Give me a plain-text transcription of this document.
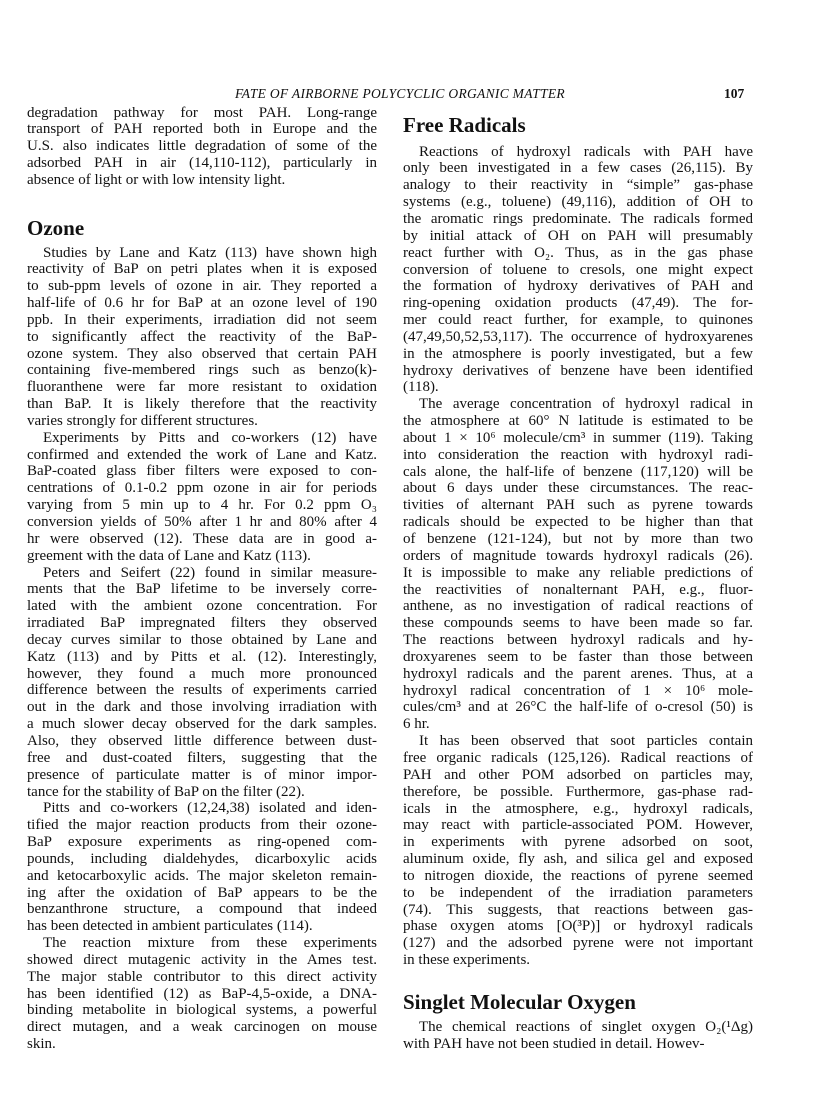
FATE OF AIRBORNE POLYCYCLIC ORGANIC MATTER	107
degradation pathway for most PAH. Long-range
transport of PAH reported both in Europe and the
U.S. also indicates little degradation of some of the
adsorbed PAH in air (14,110-112), particularly in
absence of light or with low intensity light.
Ozone
Studies by Lane and Katz (113) have shown high
reactivity of BaP on petri plates when it is exposed
to sub-ppm levels of ozone in air. They reported a
half-life of 0.6 hr for BaP at an ozone level of 190
ppb. In their experiments, irradiation did not seem
to significantly affect the reactivity of the BaP-
ozone system. They also observed that certain PAH
containing five-membered rings such as benzo(k)-
fluoranthene were far more resistant to oxidation
than BaP. It is likely therefore that the reactivity
varies strongly for different structures.
Experiments by Pitts and co-workers (12) have
confirmed and extended the work of Lane and Katz.
BaP-coated glass fiber filters were exposed to con-
centrations of 0.1-0.2 ppm ozone in air for periods
varying from 5 min up to 4 hr. For 0.2 ppm O₃
conversion yields of 50% after 1 hr and 80% after 4
hr were observed (12). These data are in good a-
greement with the data of Lane and Katz (113).
Peters and Seifert (22) found in similar measure-
ments that the BaP lifetime to be inversely corre-
lated with the ambient ozone concentration. For
irradiated BaP impregnated filters they observed
decay curves similar to those obtained by Lane and
Katz (113) and by Pitts et al. (12). Interestingly,
however, they found a much more pronounced
difference between the results of experiments carried
out in the dark and those involving irradiation with
a much slower decay observed for the dark samples.
Also, they observed little difference between dust-
free and dust-coated filters, suggesting that the
presence of particulate matter is of minor impor-
tance for the stability of BaP on the filter (22).
Pitts and co-workers (12,24,38) isolated and iden-
tified the major reaction products from their ozone-
BaP exposure experiments as ring-opened com-
pounds, including dialdehydes, dicarboxylic acids
and ketocarboxylic acids. The major skeleton remain-
ing after the oxidation of BaP appears to be the
benzanthrone structure, a compound that indeed
has been detected in ambient particulates (114).
The reaction mixture from these experiments
showed direct mutagenic activity in the Ames test.
The major stable contributor to this direct activity
has been identified (12) as BaP-4,5-oxide, a DNA-
binding metabolite in biological systems, a powerful
direct mutagen, and a weak carcinogen on mouse
skin.
Free Radicals
Reactions of hydroxyl radicals with PAH have
only been investigated in a few cases (26,115). By
analogy to their reactivity in “simple” gas-phase
systems (e.g., toluene) (49,116), addition of OH to
the aromatic rings predominate. The radicals formed
by initial attack of OH on PAH will presumably
react further with O₂. Thus, as in the gas phase
conversion of toluene to cresols, one might expect
the formation of hydroxy derivatives of PAH and
ring-opening oxidation products (47,49). The for-
mer could react further, for example, to quinones
(47,49,50,52,53,117). The occurrence of hydroxyarenes
in the atmosphere is poorly investigated, but a few
hydroxy derivatives of benzene have been identified
(118).
The average concentration of hydroxyl radical in
the atmosphere at 60° N latitude is estimated to be
about 1 × 10⁶ molecule/cm³ in summer (119). Taking
into consideration the reaction with hydroxyl radi-
cals alone, the half-life of benzene (117,120) will be
about 6 days under these circumstances. The reac-
tivities of alternant PAH such as pyrene towards
radicals should be expected to be higher than that
of benzene (121-124), but not by more than two
orders of magnitude towards hydroxyl radicals (26).
It is impossible to make any reliable predictions of
the reactivities of nonalternant PAH, e.g., fluor-
anthene, as no investigation of radical reactions of
these compounds seems to have been made so far.
The reactions between hydroxyl radicals and hy-
droxyarenes seem to be faster than those between
hydroxyl radicals and the parent arenes. Thus, at a
hydroxyl radical concentration of 1 × 10⁶ mole-
cules/cm³ and at 26°C the half-life of o-cresol (50) is
6 hr.
It has been observed that soot particles contain
free organic radicals (125,126). Radical reactions of
PAH and other POM adsorbed on particles may,
therefore, be possible. Furthermore, gas-phase rad-
icals in the atmosphere, e.g., hydroxyl radicals,
may react with particle-associated POM. However,
in experiments with pyrene adsorbed on soot,
aluminum oxide, fly ash, and silica gel and exposed
to nitrogen dioxide, the reactions of pyrene seemed
to be independent of the irradiation parameters
(74). This suggests, that reactions between gas-
phase oxygen atoms [O(³P)] or hydroxyl radicals
(127) and the adsorbed pyrene were not important
in these experiments.
Singlet Molecular Oxygen
The chemical reactions of singlet oxygen O₂(¹Δg)
with PAH have not been studied in detail. Howev-
